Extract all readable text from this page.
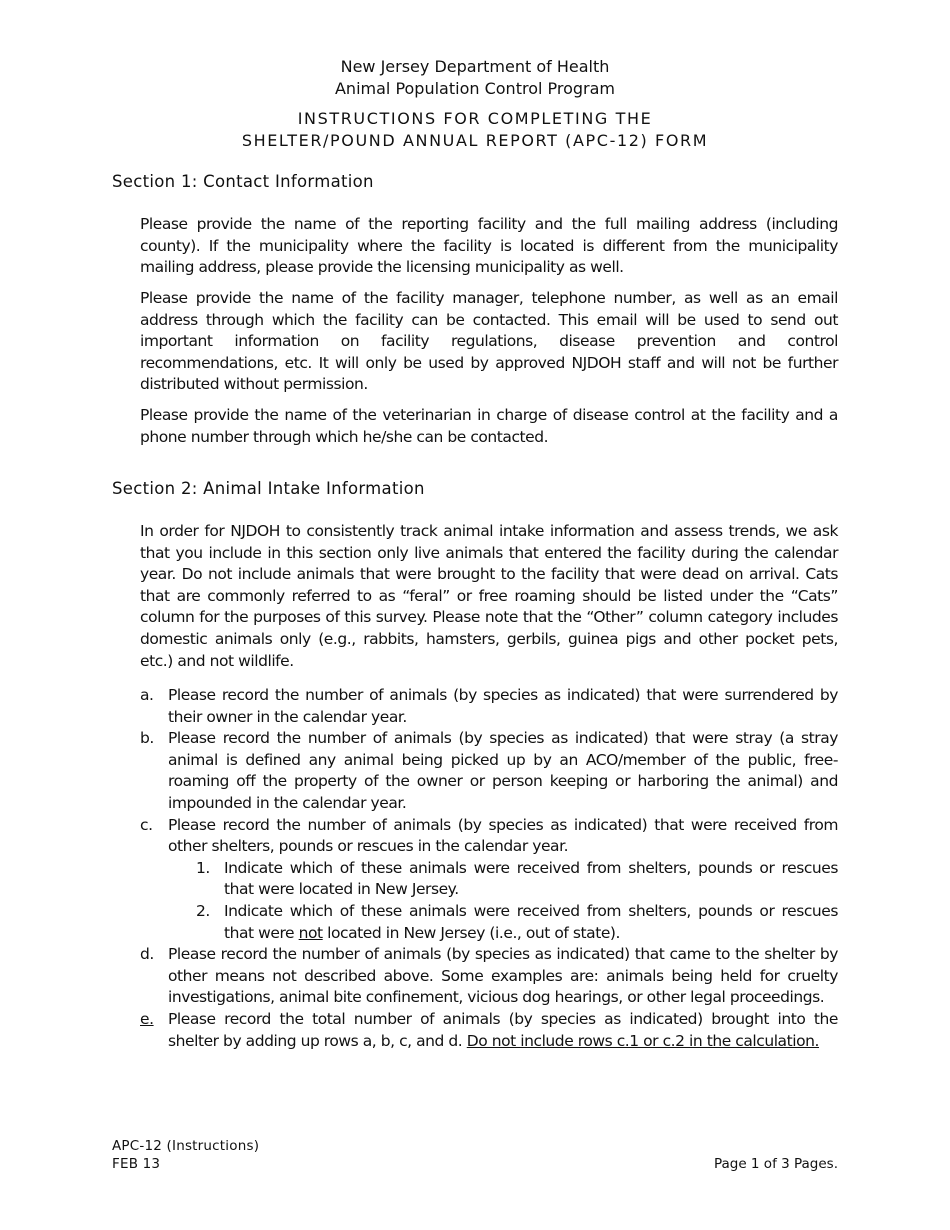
New Jersey Department of Health
Animal Population Control Program
INSTRUCTIONS FOR COMPLETING THE
SHELTER/POUND ANNUAL REPORT (APC-12) FORM
Section 1: Contact Information

Please provide the name of the reporting facility and the full mailing address (including county). If the municipality where the facility is located is different from the municipality mailing address, please provide the licensing municipality as well.

Please provide the name of the facility manager, telephone number, as well as an email address through which the facility can be contacted. This email will be used to send out important information on facility regulations, disease prevention and control recommendations, etc. It will only be used by approved NJDOH staff and will not be further distributed without permission.

Please provide the name of the veterinarian in charge of disease control at the facility and a phone number through which he/she can be contacted.

Section 2: Animal Intake Information

In order for NJDOH to consistently track animal intake information and assess trends, we ask that you include in this section only live animals that entered the facility during the calendar year. Do not include animals that were brought to the facility that were dead on arrival. Cats that are commonly referred to as “feral” or free roaming should be listed under the “Cats” column for the purposes of this survey. Please note that the “Other” column category includes domestic animals only (e.g., rabbits, hamsters, gerbils, guinea pigs and other pocket pets, etc.) and not wildlife.

a. Please record the number of animals (by species as indicated) that were surrendered by their owner in the calendar year.
b. Please record the number of animals (by species as indicated) that were stray (a stray animal is defined any animal being picked up by an ACO/member of the public, free-roaming off the property of the owner or person keeping or harboring the animal) and impounded in the calendar year.
c. Please record the number of animals (by species as indicated) that were received from other shelters, pounds or rescues in the calendar year.
1. Indicate which of these animals were received from shelters, pounds or rescues that were located in New Jersey.
2. Indicate which of these animals were received from shelters, pounds or rescues that were not located in New Jersey (i.e., out of state).
d. Please record the number of animals (by species as indicated) that came to the shelter by other means not described above. Some examples are: animals being held for cruelty investigations, animal bite confinement, vicious dog hearings, or other legal proceedings.
e. Please record the total number of animals (by species as indicated) brought into the shelter by adding up rows a, b, c, and d. Do not include rows c.1 or c.2 in the calculation.
APC-12 (Instructions)
FEB 13	Page 1 of 3 Pages.
